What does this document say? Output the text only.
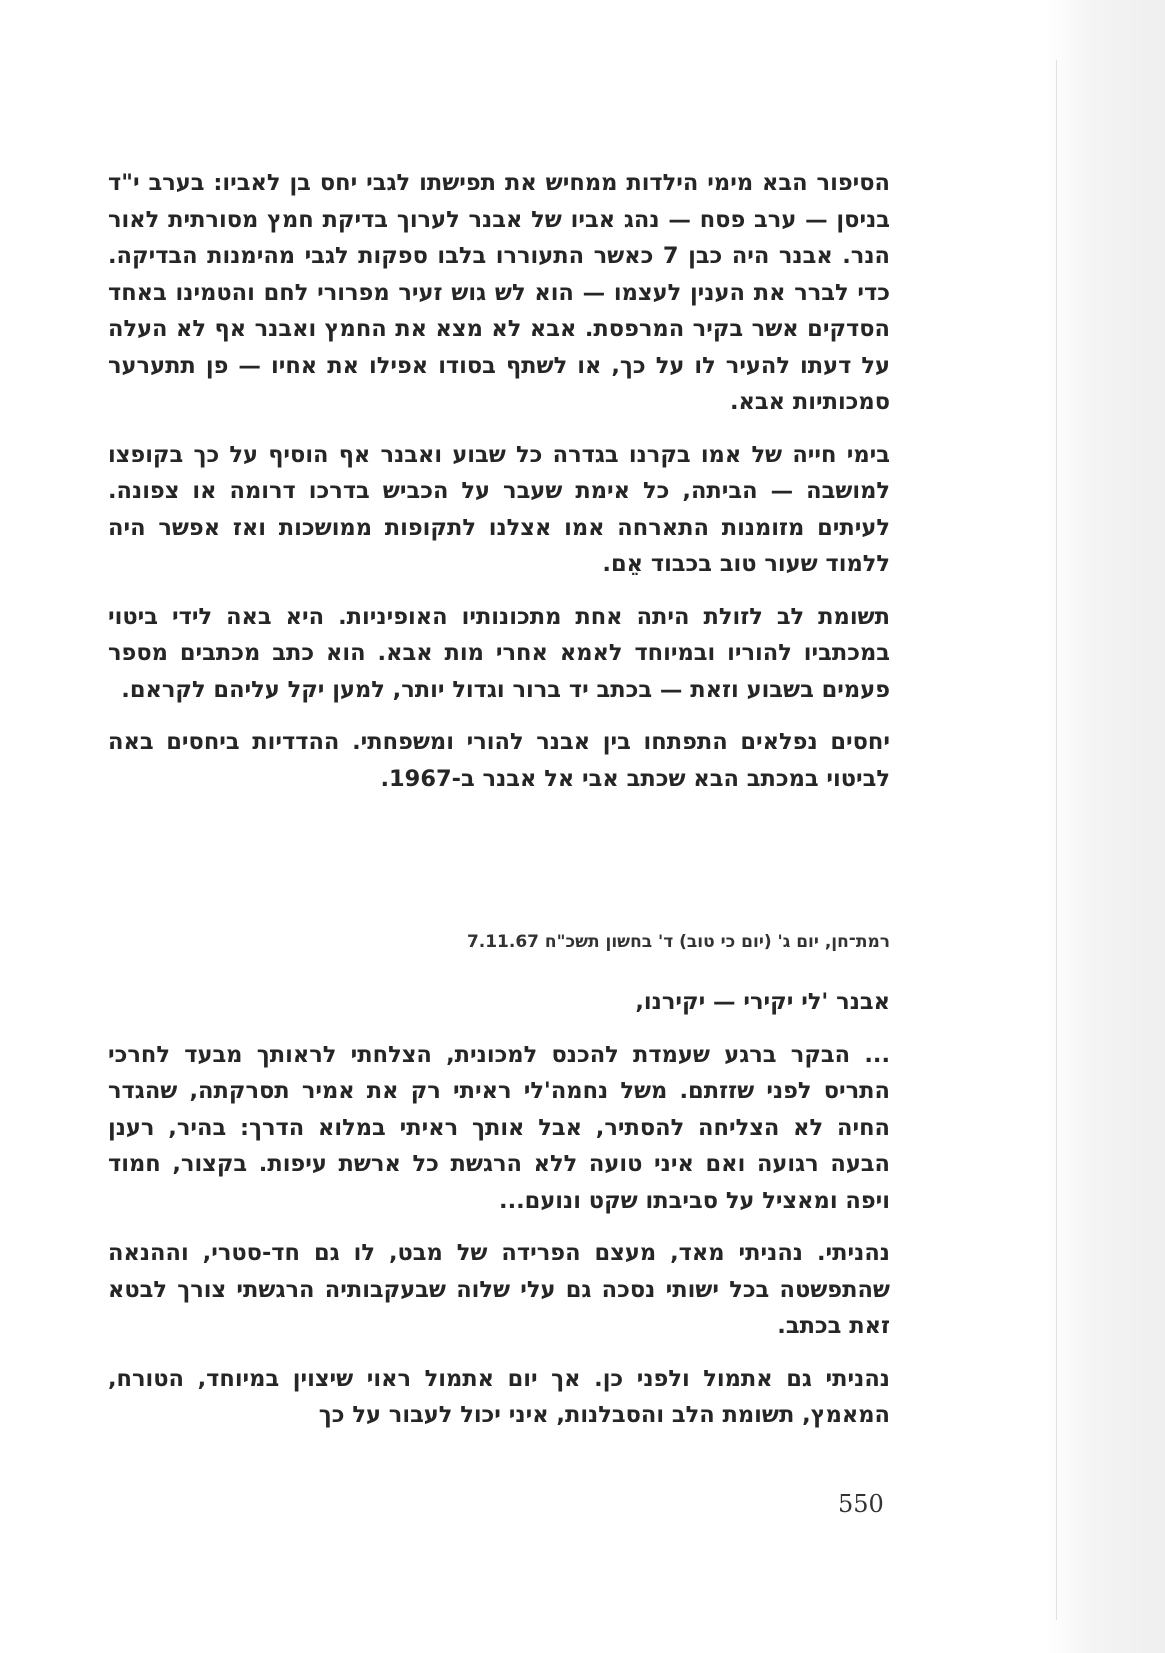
הסיפור הבא מימי הילדות ממחיש את תפישתו לגבי יחס בן לאביו: בערב י"ד בניסן — ערב פסח — נהג אביו של אבנר לערוך בדיקת חמץ מסורתית לאור הנר. אבנר היה כבן 7 כאשר התעוררו בלבו ספקות לגבי מהימנות הבדיקה. כדי לברר את הענין לעצמו — הוא לש גוש זעיר מפרורי לחם והטמינו באחד הסדקים אשר בקיר המרפסת. אבא לא מצא את החמץ ואבנר אף לא העלה על דעתו להעיר לו על כך, או לשתף בסודו אפילו את אחיו — פן תתערער סמכותיות אבא.

בימי חייה של אמו בקרנו בגדרה כל שבוע ואבנר אף הוסיף על כך בקופצו למושבה — הביתה, כל אימת שעבר על הכביש בדרכו דרומה או צפונה. לעיתים מזומנות התארחה אמו אצלנו לתקופות ממושכות ואז אפשר היה ללמוד שעור טוב בכבוד אֵם.

תשומת לב לזולת היתה אחת מתכונותיו האופיניות. היא באה לידי ביטוי במכתביו להוריו ובמיוחד לאמא אחרי מות אבא. הוא כתב מכתבים מספר פעמים בשבוע וזאת — בכתב יד ברור וגדול יותר, למען יקל עליהם לקראם.

יחסים נפלאים התפתחו בין אבנר להורי ומשפחתי. ההדדיות ביחסים באה לביטוי במכתב הבא שכתב אבי אל אבנר ב-1967.

רמת־חן, יום ג' (יום כי טוב) ד' בחשון תשכ"ח 7.11.67

אבנר 'לי יקירי — יקירנו,

... הבקר ברגע שעמדת להכנס למכונית, הצלחתי לראותך מבעד לחרכי התריס לפני שזזתם. משל נחמה'לי ראיתי רק את אמיר תסרקתה, שהגדר החיה לא הצליחה להסתיר, אבל אותך ראיתי במלוא הדרך: בהיר, רענן הבעה רגועה ואם איני טועה ללא הרגשת כל ארשת עיפות. בקצור, חמוד ויפה ומאציל על סביבתו שקט ונועם...

נהניתי. נהניתי מאד, מעצם הפרידה של מבט, לו גם חד-סטרי, וההנאה שהתפשטה בכל ישותי נסכה גם עלי שלוה שבעקבותיה הרגשתי צורך לבטא זאת בכתב.

נהניתי גם אתמול ולפני כן. אך יום אתמול ראוי שיצוין במיוחד, הטורח, המאמץ, תשומת הלב והסבלנות, איני יכול לעבור על כך

550
